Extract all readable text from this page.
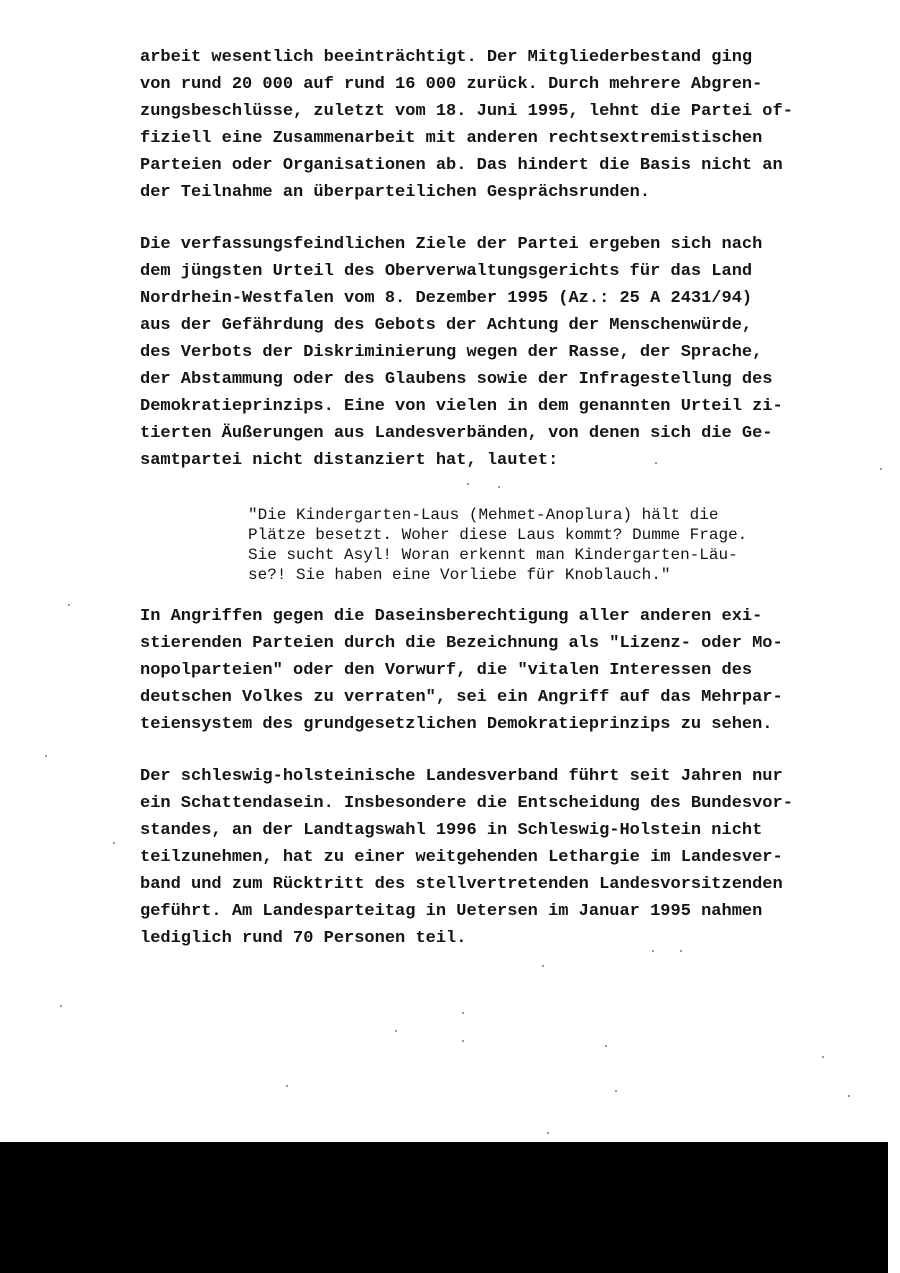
arbeit wesentlich beeinträchtigt. Der Mitgliederbestand ging
von rund 20 000 auf rund 16 000 zurück. Durch mehrere Abgren-
zungsbeschlüsse, zuletzt vom 18. Juni 1995, lehnt die Partei of-
fiziell eine Zusammenarbeit mit anderen rechtsextremistischen
Parteien oder Organisationen ab. Das hindert die Basis nicht an
der Teilnahme an überparteilichen Gesprächsrunden.
Die verfassungsfeindlichen Ziele der Partei ergeben sich nach
dem jüngsten Urteil des Oberverwaltungsgerichts für das Land
Nordrhein-Westfalen vom 8. Dezember 1995 (Az.: 25 A 2431/94)
aus der Gefährdung des Gebots der Achtung der Menschenwürde,
des Verbots der Diskriminierung wegen der Rasse, der Sprache,
der Abstammung oder des Glaubens sowie der Infragestellung des
Demokratieprinzips. Eine von vielen in dem genannten Urteil zi-
tierten Äußerungen aus Landesverbänden, von denen sich die Ge-
samtpartei nicht distanziert hat, lautet:
"Die Kindergarten-Laus (Mehmet-Anoplura) hält die
Plätze besetzt. Woher diese Laus kommt? Dumme Frage.
Sie sucht Asyl! Woran erkennt man Kindergarten-Läu-
se?! Sie haben eine Vorliebe für Knoblauch."
In Angriffen gegen die Daseinsberechtigung aller anderen exi-
stierenden Parteien durch die Bezeichnung als "Lizenz- oder Mo-
nopolparteien" oder den Vorwurf, die "vitalen Interessen des
deutschen Volkes zu verraten", sei ein Angriff auf das Mehrpar-
teiensystem des grundgesetzlichen Demokratieprinzips zu sehen.
Der schleswig-holsteinische Landesverband führt seit Jahren nur
ein Schattendasein. Insbesondere die Entscheidung des Bundesvor-
standes, an der Landtagswahl 1996 in Schleswig-Holstein nicht
teilzunehmen, hat zu einer weitgehenden Lethargie im Landesver-
band und zum Rücktritt des stellvertretenden Landesvorsitzenden
geführt. Am Landesparteitag in Uetersen im Januar 1995 nahmen
lediglich rund 70 Personen teil.
